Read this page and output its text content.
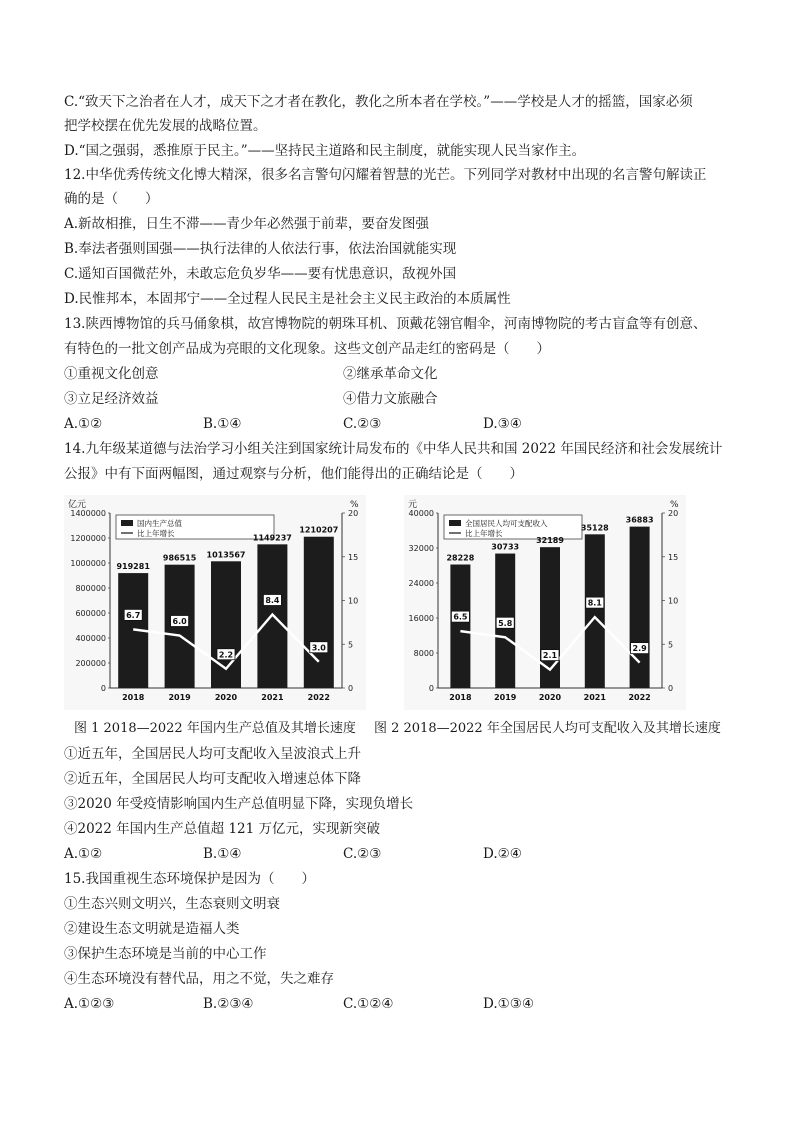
C.“致天下之治者在人才，成天下之才者在教化，教化之所本者在学校。”——学校是人才的摇篮，国家必须
把学校摆在优先发展的战略位置。
D.“国之强弱，悉推原于民主。”——坚持民主道路和民主制度，就能实现人民当家作主。
12.中华优秀传统文化博大精深，很多名言警句闪耀着智慧的光芒。下列同学对教材中出现的名言警句解读正
确的是（　　）
A.新故相推，日生不滞——青少年必然强于前辈，要奋发图强
B.奉法者强则国强——执行法律的人依法行事，依法治国就能实现
C.遥知百国微茫外，未敢忘危负岁华——要有忧患意识，敌视外国
D.民惟邦本，本固邦宁——全过程人民民主是社会主义民主政治的本质属性
13.陕西博物馆的兵马俑象棋，故宫博物院的朝珠耳机、顶戴花翎官帽伞，河南博物院的考古盲盒等有创意、
有特色的一批文创产品成为亮眼的文化现象。这些文创产品走红的密码是（　　）
14.九年级某道德与法治学习小组关注到国家统计局发布的《中华人民共和国 2022 年国民经济和社会发展统计
公报》中有下面两幅图，通过观察与分析，他们能得出的正确结论是（　　）
①近五年，全国居民人均可支配收入呈波浪式上升
②近五年，全国居民人均可支配收入增速总体下降
③2020 年受疫情影响国内生产总值明显下降，实现负增长
④2022 年国内生产总值超 121 万亿元，实现新突破
15.我国重视生态环境保护是因为（　　）
①生态兴则文明兴，生态衰则文明衰
②建设生态文明就是造福人类
③保护生态环境是当前的中心工作
④生态环境没有替代品，用之不觉，失之难存
①重视文化创意	②继承革命文化
③立足经济效益	④借力文旅融合
A.①②	B.①④	C.②③	D.③④
亿元	%
0
200000
400000
600000
800000
1000000
1200000
1400000
0
5
10
15
20
国内生产总值
比上年增长
919281
2018
986515
2019
1013567
2020
1149237
2021
1210207
2022
6.7
6.0
2.2
8.4
3.0
元	%
0
8000
16000
24000
32000
40000
0
5
10
15
20
全国居民人均可支配收入
比上年增长
28228
2018
30733
2019
32189
2020
35128
2021
36883
2022
6.5
5.8
2.1
8.1
2.9
图 1 2018—2022 年国内生产总值及其增长速度 图 2 2018—2022 年全国居民人均可支配收入及其增长速度
A.①②	B.①④	C.②③	D.②④
A.①②③	B.②③④	C.①②④	D.①③④
